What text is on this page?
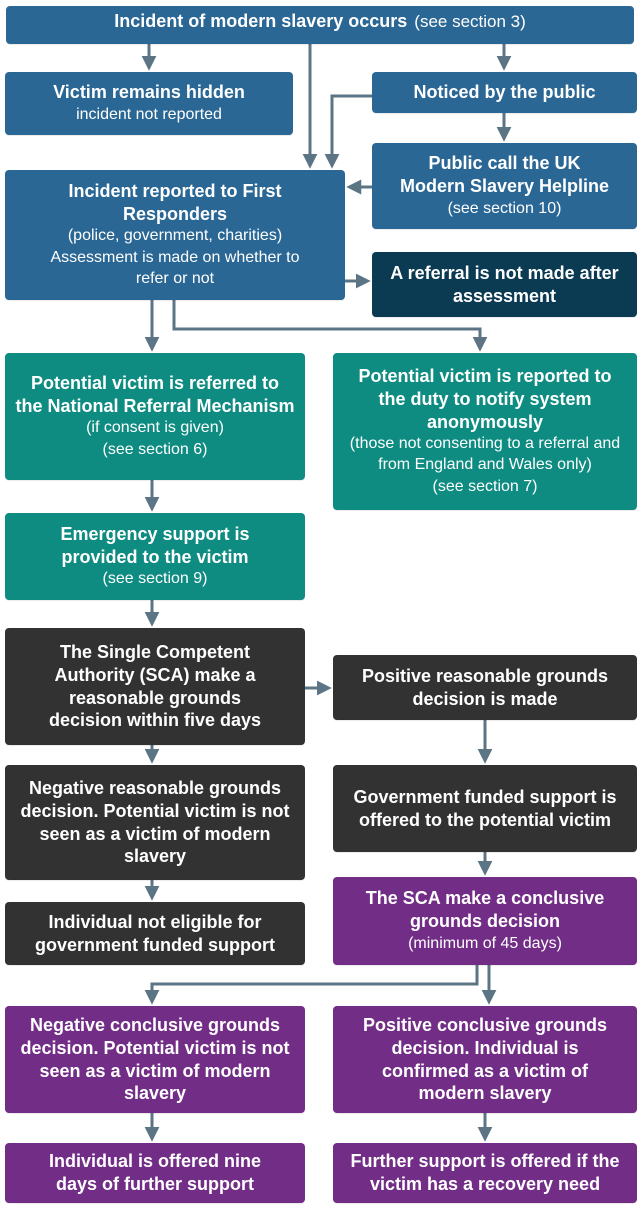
Incident of modern slavery occurs (see section 3)
Victim remains hidden
incident not reported
Noticed by the public
Public call the UK Modern Slavery Helpline
(see section 10)
Incident reported to First Responders
(police, government, charities)
Assessment is made on whether to refer or not	A referral is not made after assessment
Potential victim is referred to the National Referral Mechanism
(if consent is given)
(see section 6)
Potential victim is reported to the duty to notify system anonymously
(those not consenting to a referral and from England and Wales only)
(see section 7)
Emergency support is provided to the victim
(see section 9)
The Single Competent Authority (SCA) make a reasonable grounds decision within five days
Positive reasonable grounds decision is made
Negative reasonable grounds decision. Potential victim is not seen as a victim of modern slavery
Government funded support is offered to the potential victim
Individual not eligible for government funded support
The SCA make a conclusive grounds decision
(minimum of 45 days)
Negative conclusive grounds decision. Potential victim is not seen as a victim of modern slavery
Positive conclusive grounds decision. Individual is confirmed as a victim of modern slavery
Individual is offered nine days of further support
Further support is offered if the victim has a recovery need
